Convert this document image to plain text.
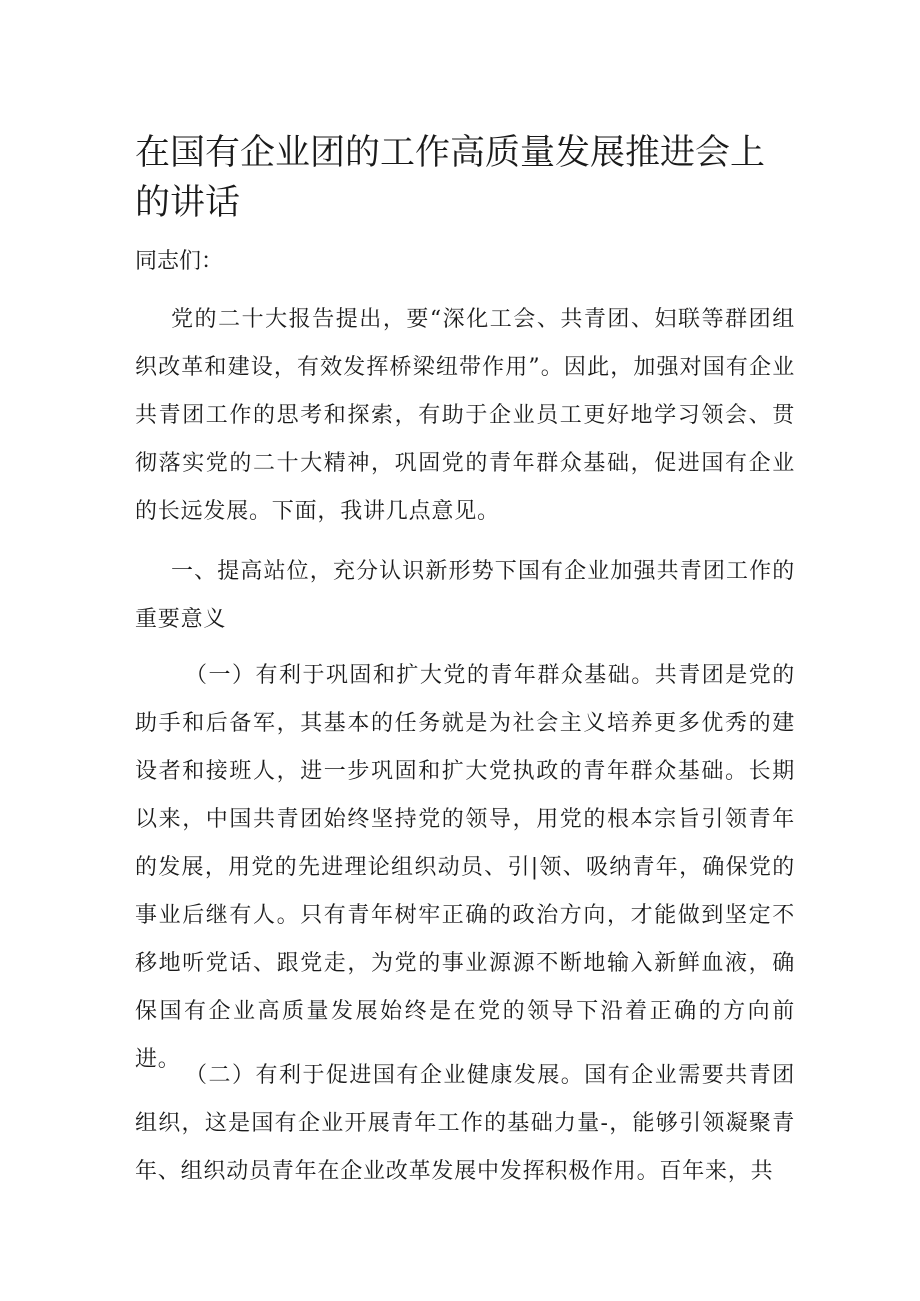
在国有企业团的工作高质量发展推进会上的讲话

同志们：

党的二十大报告提出，要“深化工会、共青团、妇联等群团组织改革和建设，有效发挥桥梁纽带作用”。因此，加强对国有企业共青团工作的思考和探索，有助于企业员工更好地学习领会、贯彻落实党的二十大精神，巩固党的青年群众基础，促进国有企业的长远发展。下面，我讲几点意见。

一、提高站位，充分认识新形势下国有企业加强共青团工作的重要意义

（一）有利于巩固和扩大党的青年群众基础。共青团是党的助手和后备军，其基本的任务就是为社会主义培养更多优秀的建设者和接班人，进一步巩固和扩大党执政的青年群众基础。长期以来，中国共青团始终坚持党的领导，用党的根本宗旨引领青年的发展，用党的先进理论组织动员、引|领、吸纳青年，确保党的事业后继有人。只有青年树牢正确的政治方向，才能做到坚定不移地听党话、跟党走，为党的事业源源不断地输入新鲜血液，确保国有企业高质量发展始终是在党的领导下沿着正确的方向前进。

（二）有利于促进国有企业健康发展。国有企业需要共青团组织，这是国有企业开展青年工作的基础力量-，能够引领凝聚青年、组织动员青年在企业改革发展中发挥积极作用。百年来，共
